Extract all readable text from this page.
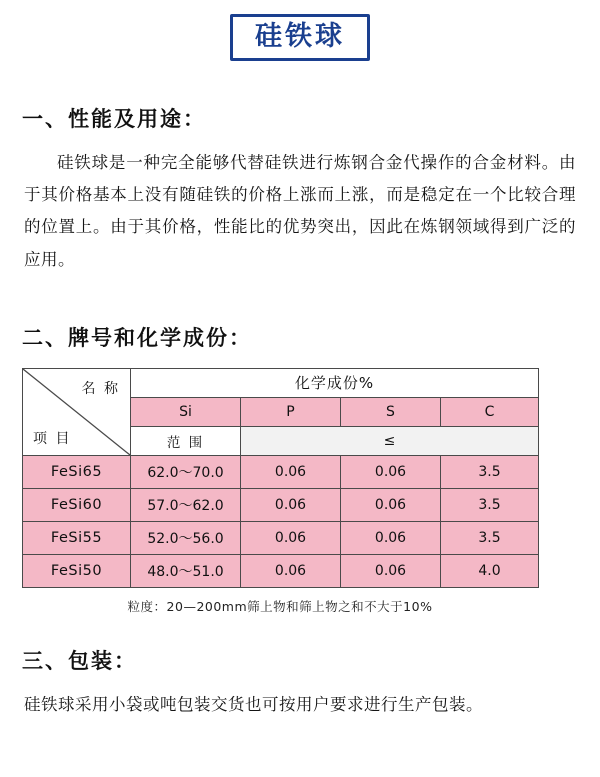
硅铁球
一、性能及用途：
硅铁球是一种完全能够代替硅铁进行炼钢合金代操作的合金材料。由于其价格基本上没有随硅铁的价格上涨而上涨，而是稳定在一个比较合理的位置上。由于其价格，性能比的优势突出，因此在炼钢领域得到广泛的应用。
二、牌号和化学成份：
名 称
项 目	化学成份%			
	Si	P	S	C
	范 围	≤		
FeSi65	62.0～70.0	0.06	0.06	3.5
FeSi60	57.0～62.0	0.06	0.06	3.5
FeSi55	52.0～56.0	0.06	0.06	3.5
FeSi50	48.0～51.0	0.06	0.06	4.0
粒度：20—200mm筛上物和筛上物之和不大于10%
三、包装：
硅铁球采用小袋或吨包装交货也可按用户要求进行生产包装。
